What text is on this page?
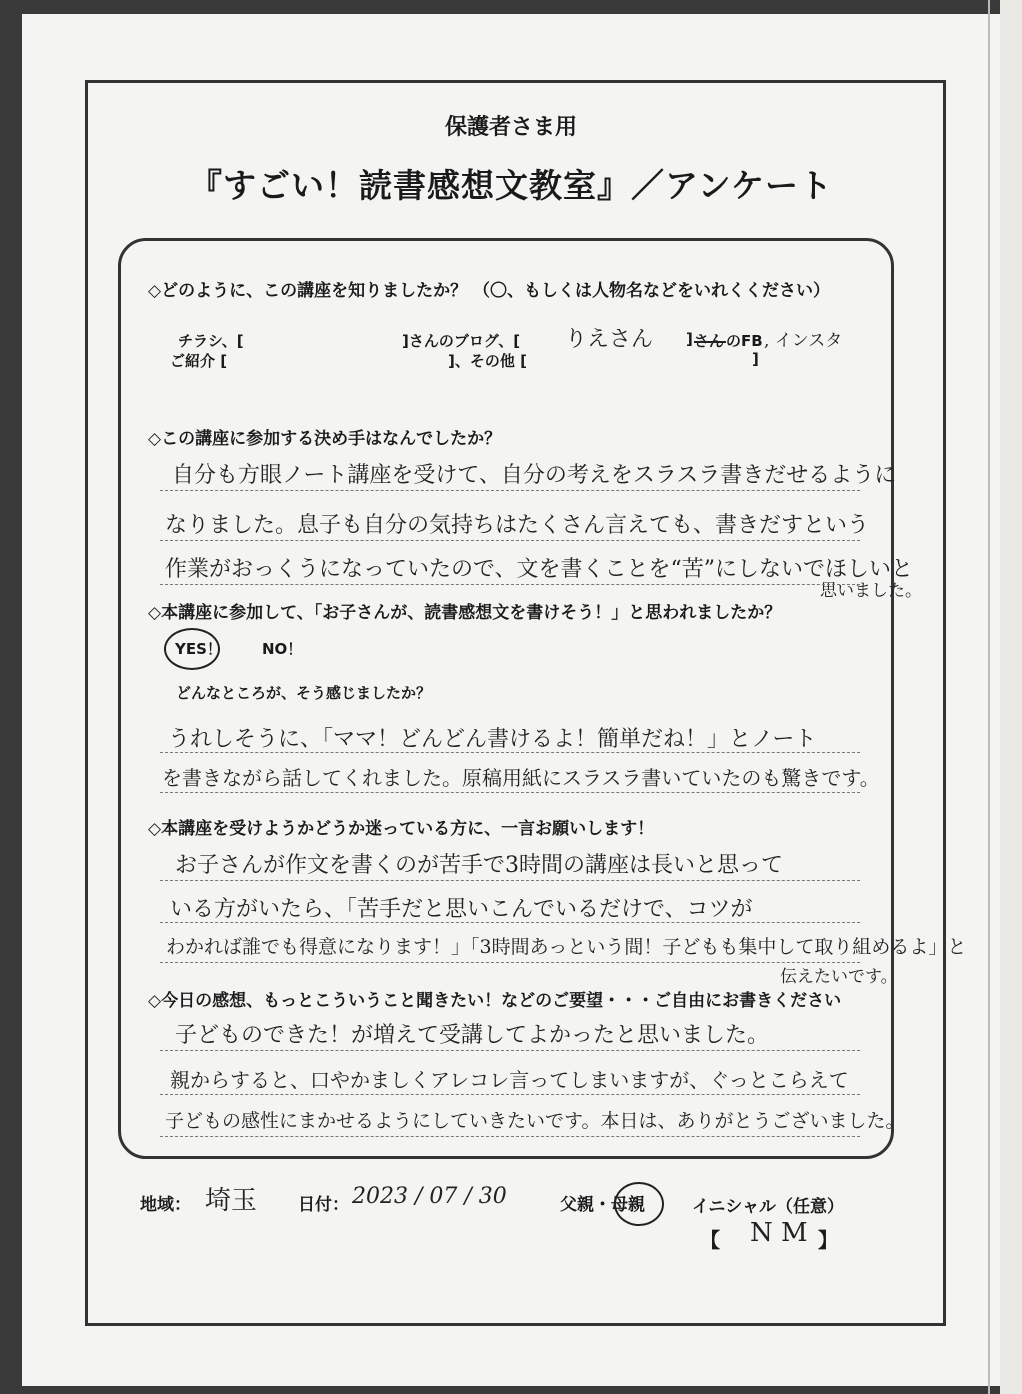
保護者さま用
『すごい！読書感想文教室』／アンケート
◇どのように、この講座を知りましたか？ （〇、もしくは人物名などをいれくください）
チラシ、[	]さんのブログ、[ りえさん ] さん のFB , インスタ
ご紹介 [	]、その他 [	]
◇この講座に参加する決め手はなんでしたか？
自分も方眼ノート講座を受けて、自分の考えをスラスラ書きだせるように
なりました。息子も自分の気持ちはたくさん言えても、書きだすという
作業がおっくうになっていたので、文を書くことを“苦”にしないでほしいと
思いました。
◇本講座に参加して、「お子さんが、読書感想文を書けそう！」と思われましたか？
YES！	NO！
どんなところが、そう感じましたか？
うれしそうに、「ママ！どんどん書けるよ！簡単だね！」とノート
を書きながら話してくれました。原稿用紙にスラスラ書いていたのも驚きです。
◇本講座を受けようかどうか迷っている方に、一言お願いします！
お子さんが作文を書くのが苦手で3時間の講座は長いと思って
いる方がいたら、「苦手だと思いこんでいるだけで、コツが
わかれば誰でも得意になります！」「3時間あっという間！子どもも集中して取り組めるよ」と
伝えたいです。
◇今日の感想、もっとこういうこと聞きたい！などのご要望・・・ご自由にお書きください
子どものできた！が増えて受講してよかったと思いました。
親からすると、口やかましくアレコレ言ってしまいますが、ぐっとこらえて
子どもの感性にまかせるようにしていきたいです。本日は、ありがとうございました。
地域： 埼玉 日付： 2023 / 07 / 30	父親・母親	イニシャル（任意）
【 N M 】
